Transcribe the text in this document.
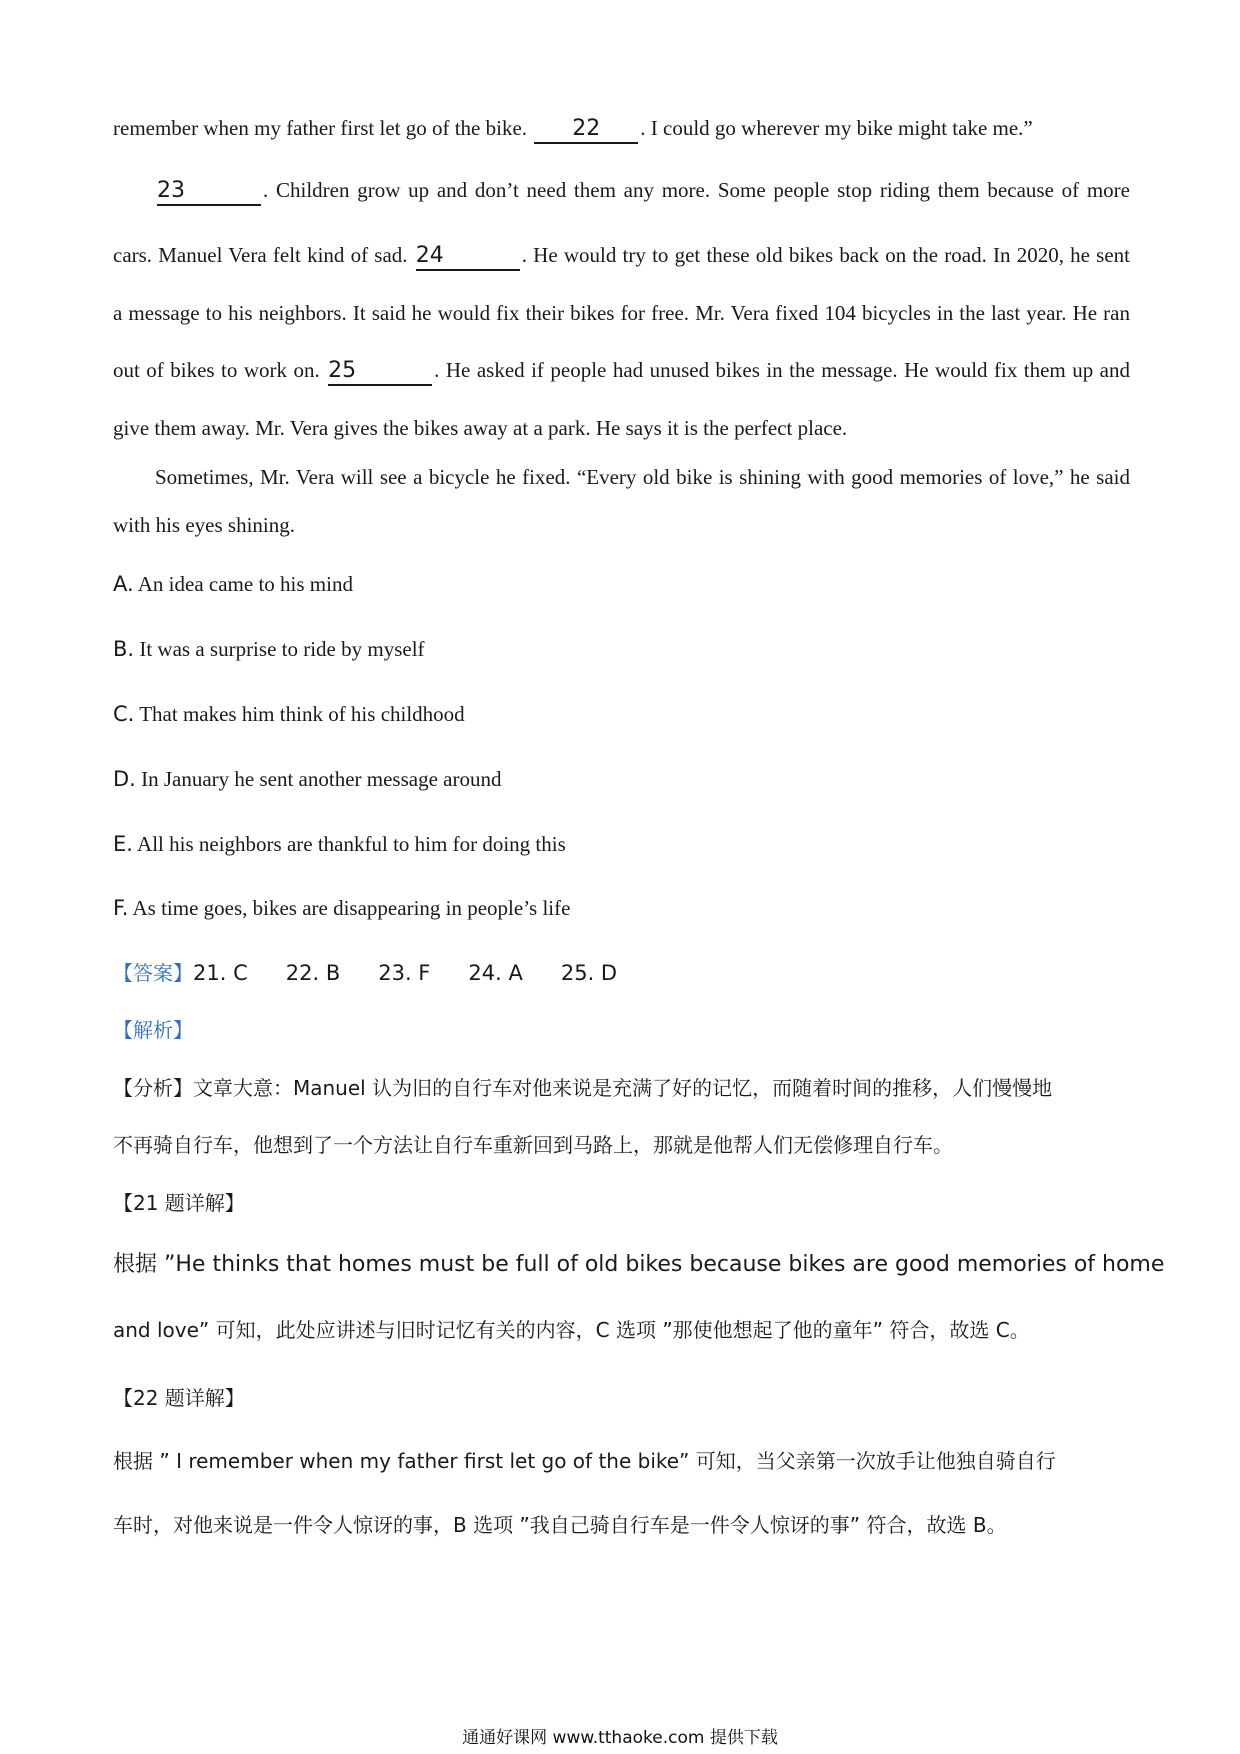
remember when my father first let go of the bike. 22 . I could go wherever my bike might take me.”
23	. Children grow up and don’t need them any more. Some people stop riding them because of more
cars. Manuel Vera felt kind of sad. 24	. He would try to get these old bikes back on the road. In 2020, he sent
a message to his neighbors. It said he would fix their bikes for free. Mr. Vera fixed 104 bicycles in the last year. He ran
out of bikes to work on. 25	. He asked if people had unused bikes in the message. He would fix them up and
give them away. Mr. Vera gives the bikes away at a park. He says it is the perfect place.
Sometimes, Mr. Vera will see a bicycle he fixed. “Every old bike is shining with good memories of love,” he said
with his eyes shining.
A. An idea came to his mind
B. It was a surprise to ride by myself
C. That makes him think of his childhood
D. In January he sent another message around
E. All his neighbors are thankful to him for doing this
F. As time goes, bikes are disappearing in people’s life
【答案】21. C 22. B 23. F 24. A 25. D
【解析】
【分析】文章大意：Manuel 认为旧的自行车对他来说是充满了好的记忆，而随着时间的推移，人们慢慢地
不再骑自行车，他想到了一个方法让自行车重新回到马路上，那就是他帮人们无偿修理自行车。
【21 题详解】
根据 ”He thinks that homes must be full of old bikes because bikes are good memories of home
and love” 可知，此处应讲述与旧时记忆有关的内容，C 选项 ”那使他想起了他的童年” 符合，故选 C。
【22 题详解】
根据 ” I remember when my father first let go of the bike” 可知，当父亲第一次放手让他独自骑自行
车时，对他来说是一件令人惊讶的事，B 选项 ”我自己骑自行车是一件令人惊讶的事” 符合，故选 B。
通通好课网 www.tthaoke.com 提供下载
